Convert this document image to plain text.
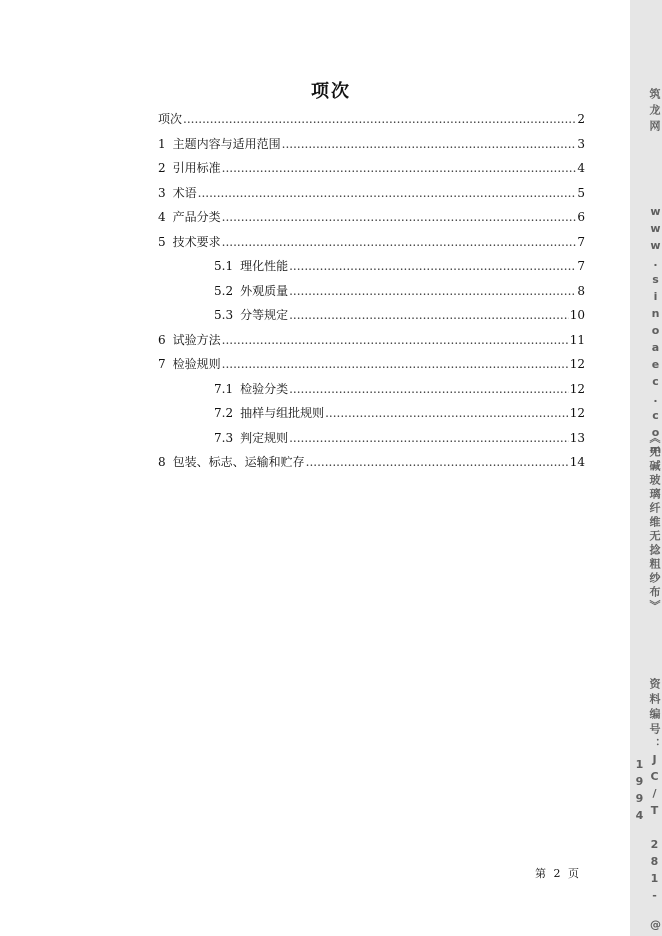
项次
项次 .....	2
1 主题内容与适用范围 .....	3
2 引用标准 .....	4
3 术语 .....	5
4 产品分类 .....	6
5 技术要求 .....	7
5.1 理化性能 .....	7
5.2 外观质量 .....	8
5.3 分等规定 .....	10
6 试验方法 .....	11
7 检验规则 .....	12
7.1 检验分类 .....	12
7.2 抽样与组批规则 .....	12
7.3 判定规则 .....	13
8 包装、标志、运输和贮存 .....	14
第 2 页
筑龙网
www.sinoaec.com
《无碱玻璃纤维无捻粗纱布》
资料编号：JC/T 281-1994
@
